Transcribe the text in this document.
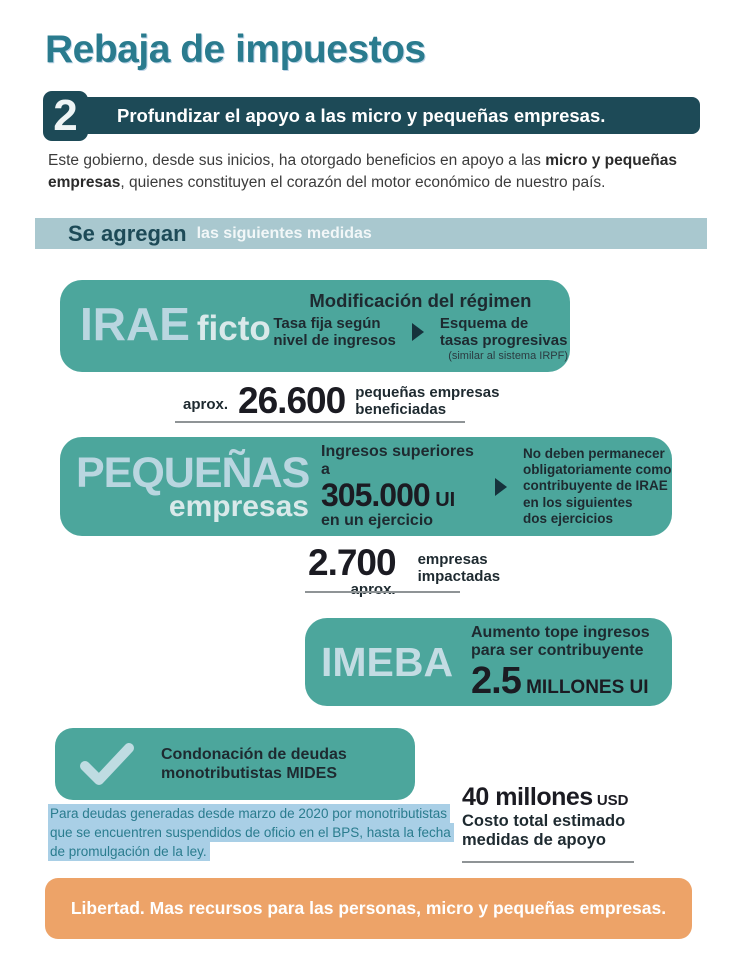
Rebaja de impuestos
2 Profundizar el apoyo a las micro y pequeñas empresas.

Este gobierno, desde sus inicios, ha otorgado beneficios en apoyo a las micro y pequeñas empresas, quienes constituyen el corazón del motor económico de nuestro país.

Se agregan las siguientes medidas
IRAE ficto
Modificación del régimen
Tasa fija según
nivel de ingresos
Esquema de
tasas progresivas
(similar al sistema IRPF)
aprox. 26.600 pequeñas empresas
beneficiadas
PEQUEÑAS
empresas
Ingresos superiores a
305.000 UI
en un ejercicio
No deben permanecer
obligatoriamente como
contribuyente de IRAE
en los siguientes
dos ejercicios
2.700
aprox.
empresas
impactadas
IMEBA
Aumento tope ingresos
para ser contribuyente
2.5 MILLONES UI
Condonación de deudas
monotributistas MIDES
Para deudas generadas desde marzo de 2020 por monotributistas
que se encuentren suspendidos de oficio en el BPS, hasta la fecha
de promulgación de la ley.
40 millones USD
Costo total estimado
medidas de apoyo
Libertad. Mas recursos para las personas, micro y pequeñas empresas.
